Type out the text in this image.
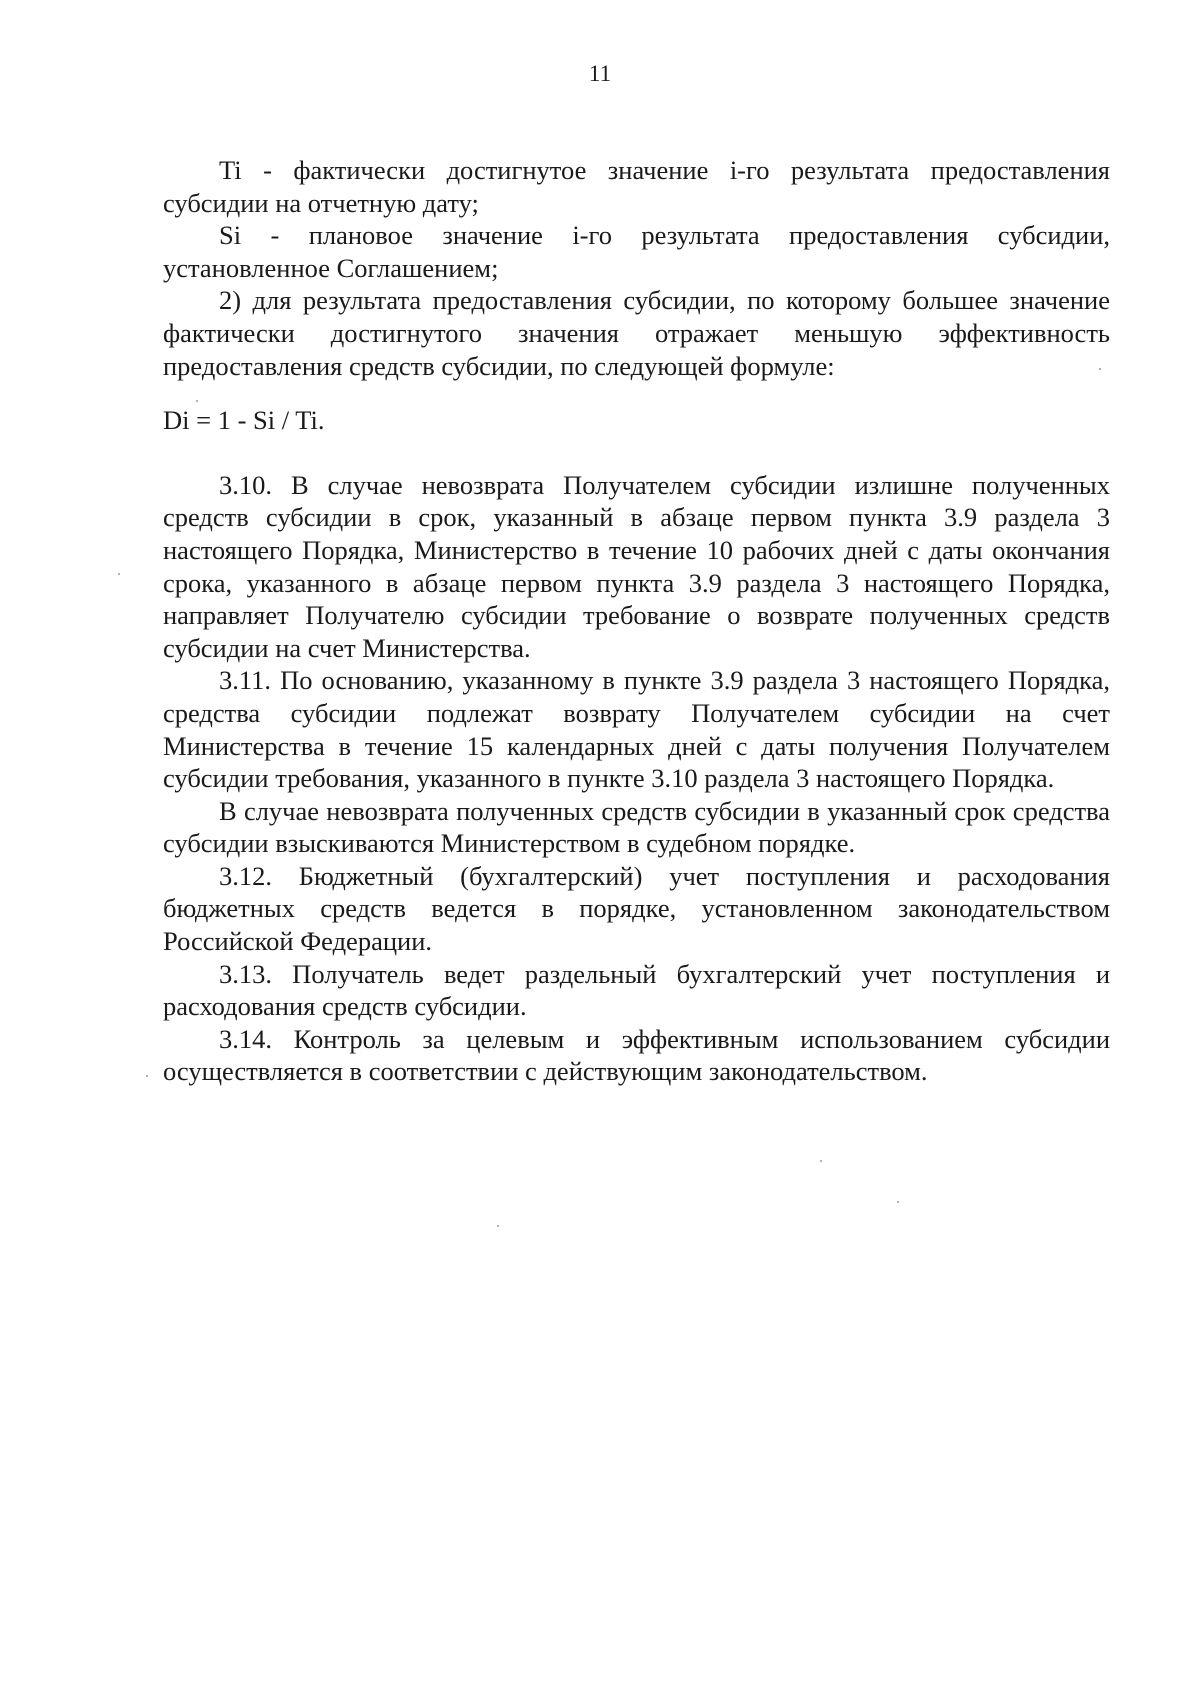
11

Ti - фактически достигнутое значение i-го результата предоставления субсидии на отчетную дату;

Si - плановое значение i-го результата предоставления субсидии, установленное Соглашением;

2) для результата предоставления субсидии, по которому большее значение фактически достигнутого значения отражает меньшую эффективность предоставления средств субсидии, по следующей формуле:

Di = 1 - Si / Ti.

3.10. В случае невозврата Получателем субсидии излишне полученных средств субсидии в срок, указанный в абзаце первом пункта 3.9 раздела 3 настоящего Порядка, Министерство в течение 10 рабочих дней с даты окончания срока, указанного в абзаце первом пункта 3.9 раздела 3 настоящего Порядка, направляет Получателю субсидии требование о возврате полученных средств субсидии на счет Министерства.

3.11. По основанию, указанному в пункте 3.9 раздела 3 настоящего Порядка, средства субсидии подлежат возврату Получателем субсидии на счет Министерства в течение 15 календарных дней с даты получения Получателем субсидии требования, указанного в пункте 3.10 раздела 3 настоящего Порядка.

В случае невозврата полученных средств субсидии в указанный срок средства субсидии взыскиваются Министерством в судебном порядке.

3.12. Бюджетный (бухгалтерский) учет поступления и расходования бюджетных средств ведется в порядке, установленном законодательством Российской Федерации.

3.13. Получатель ведет раздельный бухгалтерский учет поступления и расходования средств субсидии.

3.14. Контроль за целевым и эффективным использованием субсидии осуществляется в соответствии с действующим законодательством.
